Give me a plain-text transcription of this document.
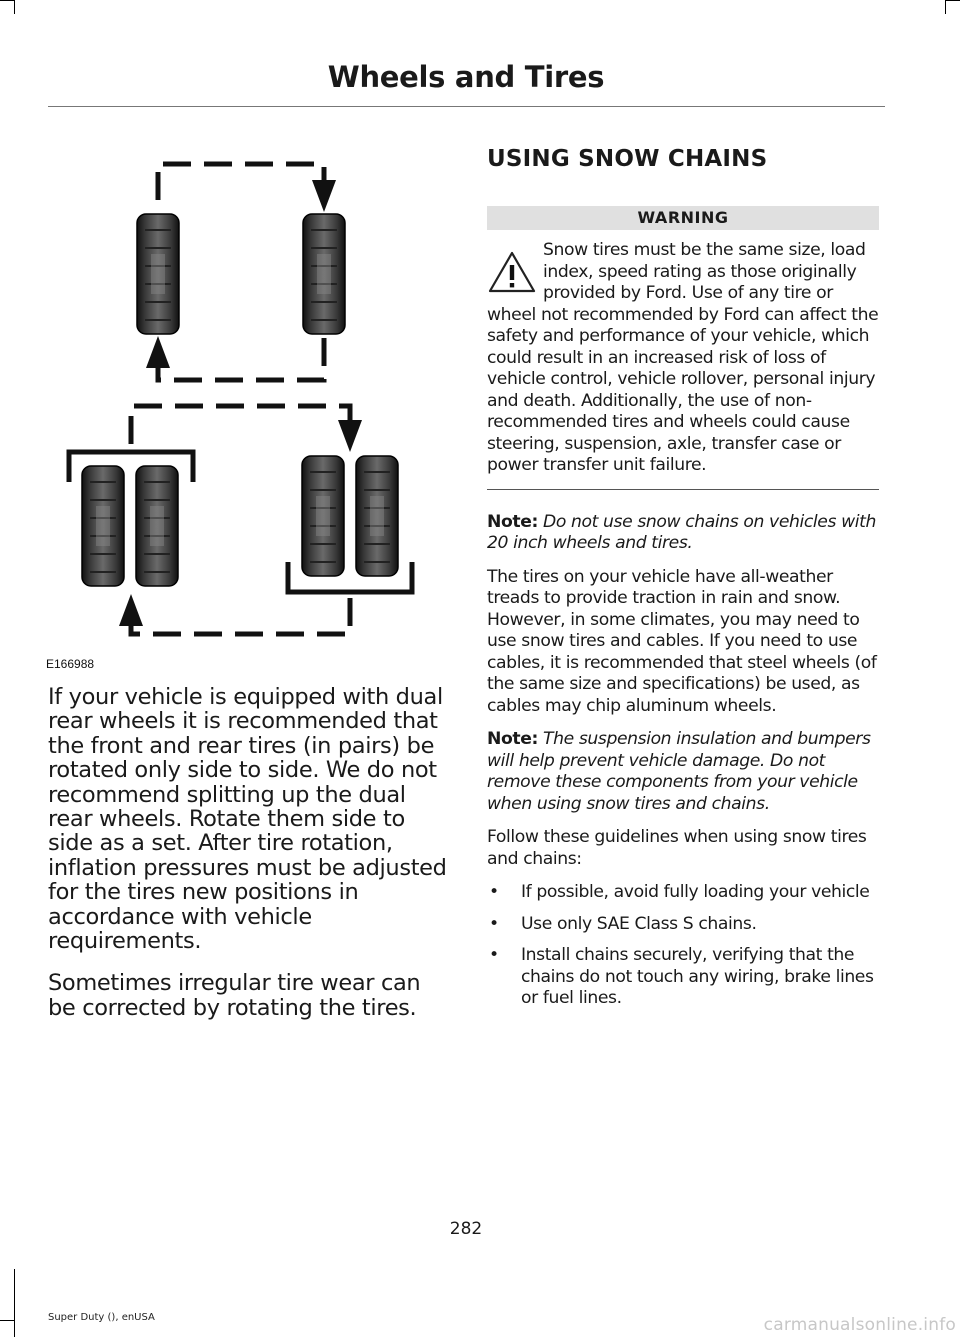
Wheels and Tires
E166988

If your vehicle is equipped with dual rear wheels it is recommended that the front and rear tires (in pairs) be rotated only side to side. We do not recommend splitting up the dual rear wheels. Rotate them side to side as a set. After tire rotation, inflation pressures must be adjusted for the tires new positions in accordance with vehicle requirements.

Sometimes irregular tire wear can be corrected by rotating the tires.

USING SNOW CHAINS
WARNING
Snow tires must be the same size, load index, speed rating as those originally provided by Ford. Use of any tire or wheel not recommended by Ford can affect the safety and performance of your vehicle, which could result in an increased risk of loss of vehicle control, vehicle rollover, personal injury and death. Additionally, the use of non-recommended tires and wheels could cause steering, suspension, axle, transfer case or power transfer unit failure.

Note: Do not use snow chains on vehicles with 20 inch wheels and tires.

The tires on your vehicle have all-weather treads to provide traction in rain and snow. However, in some climates, you may need to use snow tires and cables. If you need to use cables, it is recommended that steel wheels (of the same size and specifications) be used, as cables may chip aluminum wheels.

Note: The suspension insulation and bumpers will help prevent vehicle damage. Do not remove these components from your vehicle when using snow tires and chains.

Follow these guidelines when using snow tires and chains:

• If possible, avoid fully loading your vehicle
• Use only SAE Class S chains.
• Install chains securely, verifying that the chains do not touch any wiring, brake lines or fuel lines.
282
Super Duty (), enUSA	carmanualsonline.info
